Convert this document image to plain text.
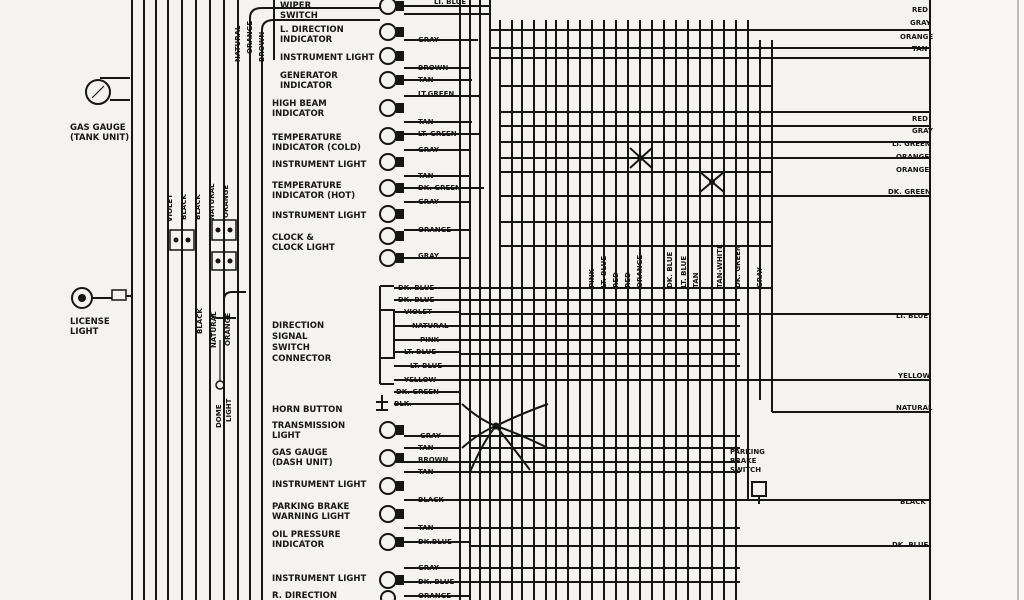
GAS GAUGE
(TANK UNIT)
LICENSE
LIGHT
DOME LIGHT
NATURAL ORANGE BROWN
VIOLET BLACK BLACK NATURAL ORANGE
BLACK NATURAL ORANGE
WIPER
SWITCH
L. DIRECTION
INDICATOR
INSTRUMENT LIGHT
GENERATOR
INDICATOR
HIGH BEAM
INDICATOR
TEMPERATURE
INDICATOR (COLD)
INSTRUMENT LIGHT
TEMPERATURE
INDICATOR (HOT)
INSTRUMENT LIGHT
CLOCK &
CLOCK LIGHT
DIRECTION
SIGNAL
SWITCH
CONNECTOR
HORN BUTTON
TRANSMISSION
LIGHT
GAS GAUGE
(DASH UNIT)
INSTRUMENT LIGHT
PARKING BRAKE
WARNING LIGHT
OIL PRESSURE
INDICATOR
INSTRUMENT LIGHT
R. DIRECTION
LT. BLUE
GRAY
BROWN
TAN
LT.GREEN
TAN
LT. GREEN
GRAY
TAN
DK. GREEN
GRAY
ORANGE
GRAY
DK. BLUE
DK. BLUE
VIOLET
NATURAL
PINK
LT. BLUE
LT. BLUE
YELLOW
DK. GREEN
BLK.
GRAY
TAN
BROWN
TAN
BLACK
TAN
DK.BLUE
GRAY
DK. BLUE
ORANGE
PINK LT. BLUE RED RED ORANGE	DK. BLUE LT. BLUE TAN TAN-WHITE DK. GREEN GRAY
PARKING
BRAKE
SWITCH
RED
GRAY
ORANGE
TAN
RED
GRAY
LT. GREEN
ORANGE
ORANGE
DK. GREEN
LT. BLUE
YELLOW
NATURAL
BLACK
DK. BLUE
